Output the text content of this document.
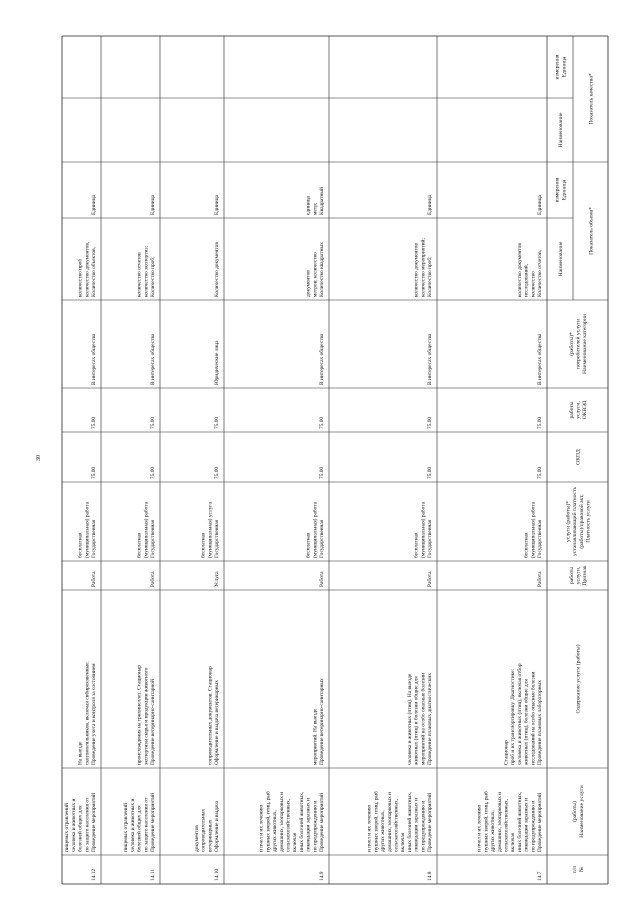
№
п/п
Наименование услуги
(работы)
Содержание услуги (работы)
Признак
услуги,
работы
Платность услуги
(работы)/правовой акт,
устанавливающий платность
услуги (работы)*
ОКПД
ОКВЭД
услуги,
работы
Наименование категории
потребителей услуги
(работы)*
Показатель объема*
Показатель качества*
Наименование
Единица
измерения
Наименование
Единица
измерения
14.7
Проведение мероприятий
по предупреждению и
ликвидации заразных и
иных болезней животных,
включая
сельскохозяйственных,
домашних, зоопарковых и
других животных,
пушных зверей, птиц, рыб
и пчел и их лечению
Проведение плановых лабораторных
исследований на особо опасные болезни
животных (птиц), болезни общие для
человека и животных (птиц), включая отбор
проб и их транспортировку. Диагностике:
Стационар
Работа
Государственная
(муниципальная) работа
бесплатная
75.00
75.00
В интересах общества
Количество отчетов,
количество
исследований,
количество документов
Единица
14.8
Проведение мероприятий
по предупреждению и
ликвидации заразных и
иных болезней животных,
включая
сельскохозяйственных,
домашних, зоопарковых и
других животных,
пушных зверей, птиц, рыб
и пчел и их лечению
Проведение плановых диагностических
мероприятий на особо опасные болезни
животных (птиц) и болезни общие для
человека и животных (птиц). На выезде
Работа
Государственная
(муниципальная) работа
бесплатная
75.00
75.00
В интересах общества
Количество проб;
количество мероприятий;
количество документов
Единица
14.9
Проведение мероприятий
по предупреждению и
ликвидации заразных и
иных болезней животных,
включая
сельскохозяйственных,
домашних, зоопарковых и
других животных,
пушных зверей, птиц, рыб
и пчел и их лечению
Проведение ветеринарно-санитарных
мероприятий. На выезде
Работа
Государственная
(муниципальная) работа
бесплатная
75.00
75.00
В интересах общества
Количество квадратных
метров; количество
документов
Квадратный
метр;
единица
14.10
Оформление и выдача
ветеринарных
сопроводительных
документов
Оформление и выдача ветеринарных
сопроводительных документов. Стационар
Услуга
Государственная
(муниципальная) услуга
бесплатная
75.00
75.00
Юридические лица
Количество документов
Единица
14.11
Проведение мероприятий
по защите населения от
болезней общих для
человека и животных и
пищевых отравлений
Проведение ветеринарно-санитарной
экспертизы сырья и продукции животного
происхождения на трихинеллез. Стационар
Работа
Государственная
(муниципальная) работа
бесплатная
75.00
75.00
В интересах общества
Количество проб;
количество экспертиз;
количество отчетов
Единица
14.12
Проведение мероприятий
по защите населения от
болезней общих для
человека и животных и
пищевых отравлений
Проведение учета и контроля за состоянием
скотомогильников, включая сибиреязвенные.
На выезде
Работа
Государственная
(муниципальная) работа
бесплатная
75.00
75.00
В интересах общества
Количество объектов,
количество документов,
количество проб
Единица
30
